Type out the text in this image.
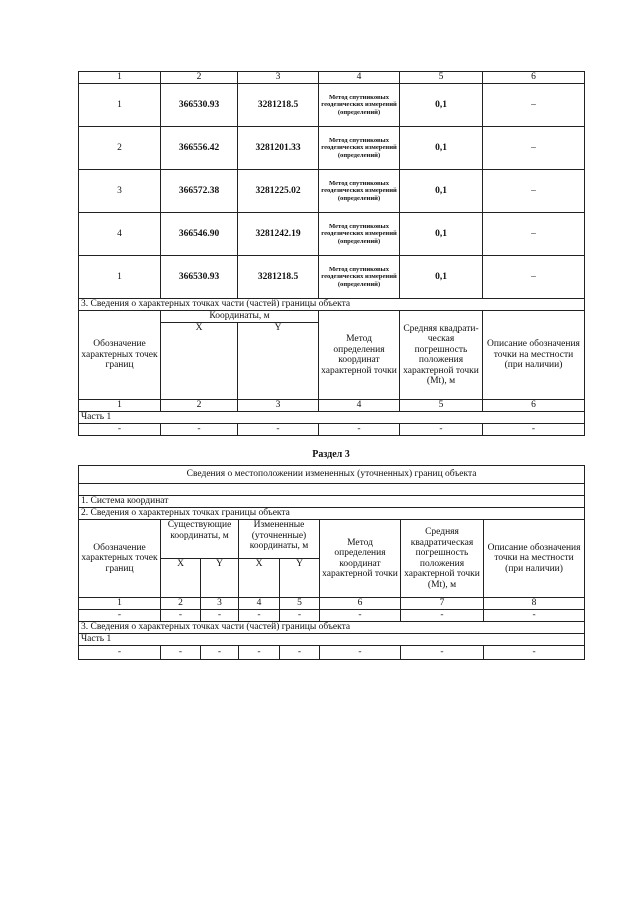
1	2	3	4	5	6
1	366530.93	3281218.5	Метод спутниковых геодезических измерений (определений)	0,1	–
2	366556.42	3281201.33	Метод спутниковых геодезических измерений (определений)	0,1	–
3	366572.38	3281225.02	Метод спутниковых геодезических измерений (определений)	0,1	–
4	366546.90	3281242.19	Метод спутниковых геодезических измерений (определений)	0,1	–
1	366530.93	3281218.5	Метод спутниковых геодезических измерений (определений)	0,1	–
3. Сведения о характерных точках части (частей) границы объекта					
Обозначение характерных точек границ	Координаты, м		Метод определения координат характерной точки	Средняя квадрати-ческая погрешность положения характерной точки (Mt), м	Описание обозначения точки на местности (при наличии)
	X	Y			
1	2	3	4	5	6
Часть 1					
-	-	-	-	-	-

Раздел 3

Сведения о местоположении измененных (уточненных) границ объекта							

1. Система координат							
2. Сведения о характерных точках границы объекта							
Обозначение характерных точек границ	Существующие координаты, м		Измененные (уточненные) координаты, м		Метод определения координат характерной точки	Средняя квадратическая погрешность положения характерной точки (Mt), м	Описание обозначения точки на местности (при наличии)
	X	Y	X	Y			
1	2	3	4	5	6	7	8
-	-	-	-	-	-	-	-
3. Сведения о характерных точках части (частей) границы объекта							
Часть 1							
-	-	-	-	-	-	-	-
